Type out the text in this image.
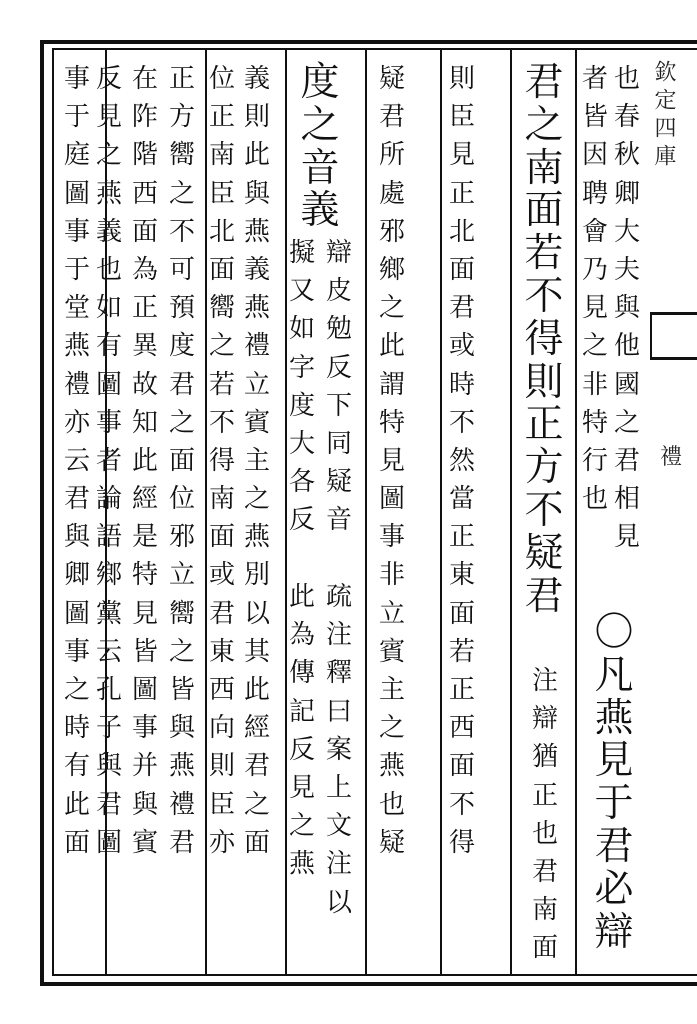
欽定四庫
禮
也
春
秋
卿
大
夫
與
他
國
之
君
相
見
者
皆
因
聘
會
乃
見
之
非
特
行
也
〇
凡
燕
見
于
君
必
辯
君
之
南
面
若
不
得
則
正
方
不
疑
君
注
辯
猶
正
也
君
南
面
則
臣
見
正
北
面
君
或
時
不
然
當
正
東
面
若
正
西
面
不
得
疑
君
所
處
邪
鄉
之
此
謂
特
見
圖
事
非
立
賓
主
之
燕
也
疑
度
之
音
義
辯
皮
勉
反
下
同
疑
音
擬
又
如
字
度
大
各
反
疏
注
釋
曰
案
上
文
注
以
此
為
傳
記
反
見
之
燕
義
則
此
與
燕
義
燕
禮
立
賓
主
之
燕
別
以
其
此
經
君
之
面
位
正
南
臣
北
面
嚮
之
若
不
得
南
面
或
君
東
西
向
則
臣
亦
正
方
嚮
之
不
可
預
度
君
之
面
位
邪
立
嚮
之
皆
與
燕
禮
君
在
阼
階
西
面
為
正
異
故
知
此
經
是
特
見
皆
圖
事
并
與
賓
反
見
之
燕
義
也
如
有
圖
事
者
論
語
鄉
黨
云
孔
子
與
君
圖
事
于
庭
圖
事
于
堂
燕
禮
亦
云
君
與
卿
圖
事
之
時
有
此
面
